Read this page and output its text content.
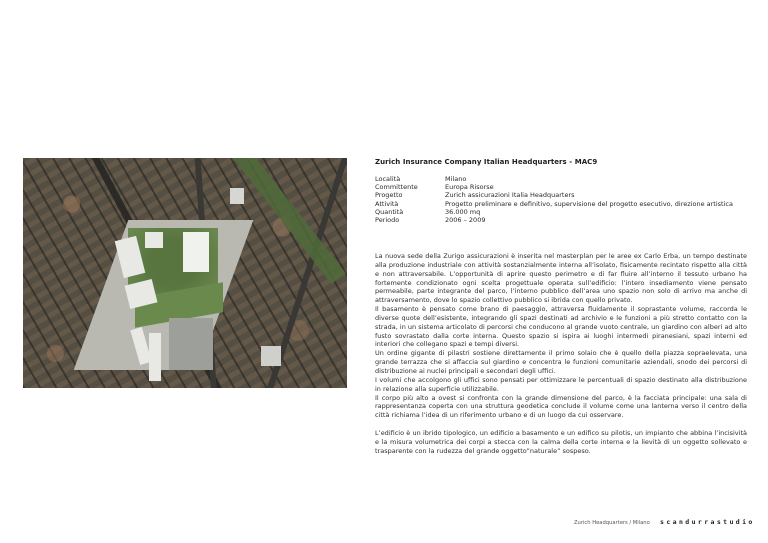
Zurich Insurance Company Italian Headquarters - MAC9
Località	Milano
Committente	Europa Risorse
Progetto	Zurich assicurazioni Italia Headquarters
Attività	Progetto preliminare e definitivo, supervisione del progetto esecutivo, direzione artistica
Quantità	36.000 mq
Periodo	2006 – 2009

La nuova sede della Zurigo assicurazioni è inserita nel masterplan per le aree ex Carlo Erba, un tempo destinate alla produzione industriale con attività sostanzialmente interna all’isolato, fisicamente recintato rispetto alla città e non attraversabile. L’opportunità di aprire questo perimetro e di far fluire all’interno il tessuto urbano ha fortemente condizionato ogni scelta progettuale operata sull’edificio: l’intero insediamento viene pensato permeabile, parte integrante del parco, l’interno pubblico dell’area uno spazio non solo di arrivo ma anche di attraversamento, dove lo spazio collettivo pubblico si ibrida con quello privato.

Il basamento è pensato come brano di paesaggio, attraversa fluidamente il soprastante volume, raccorda le diverse quote dell’esistente, integrando gli spazi destinati ad archivio e le funzioni a più stretto contatto con la strada, in un sistema articolato di percorsi che conducono al grande vuoto centrale, un giardino con alberi ad alto fusto sovrastato dalla corte interna. Questo spazio si ispira ai luoghi intermedi piranesiani, spazi interni ed interiori che collegano spazi e tempi diversi.

Un ordine gigante di pilastri sostiene direttamente il primo solaio che è quello della piazza sopraelevata, una grande terrazza che si affaccia sul giardino e concentra le funzioni comunitarie aziendali, snodo dei percorsi di distribuzione ai nuclei principali e secondari degli uffici.

I volumi che accolgono gli uffici sono pensati per ottimizzare le percentuali di spazio destinato alla distribuzione in relazione alla superficie utilizzabile.

Il corpo più alto a ovest si confronta con la grande dimensione del parco, è la facciata principale: una sala di rappresentanza coperta con una struttura geodetica conclude il volume come una lanterna verso il centro della città richiama l’idea di un riferimento urbano e di un luogo da cui osservare.

L’edificio è un ibrido tipologico, un edificio a basamento e un edifico su pilotis, un impianto che abbina l’incisività e la misura volumetrica dei corpi a stecca con la calma della corte interna e la lievità di un oggetto sollevato e trasparente con la rudezza del grande oggetto”naturale” sospeso.

Zurich Headquarters / Milano scandurrastudio
